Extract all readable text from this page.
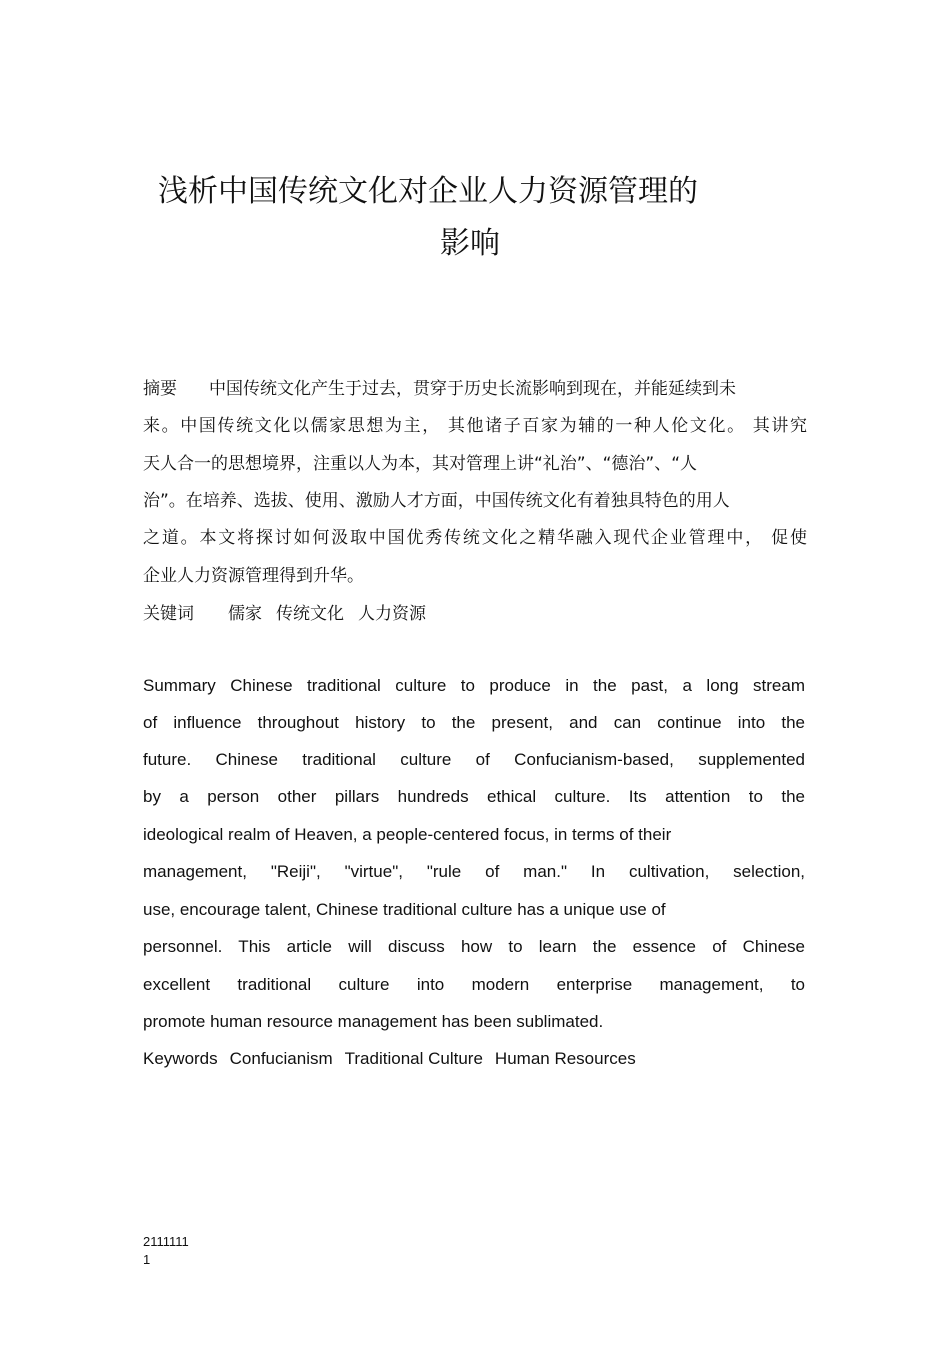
浅析中国传统文化对企业人力资源管理的
影响
摘要 中国传统文化产生于过去，贯穿于历史长流影响到现在，并能延续到未
来。中国传统文化以儒家思想为主， 其他诸子百家为辅的一种人伦文化。 其讲究
天人合一的思想境界，注重以人为本，其对管理上讲“礼治”、“德治”、“人
治”。在培养、选拔、使用、激励人才方面，中国传统文化有着独具特色的用人
之道。本文将探讨如何汲取中国优秀传统文化之精华融入现代企业管理中， 促使
企业人力资源管理得到升华。
关键词 儒家 传统文化 人力资源
Summary Chinese traditional culture to produce in the past, a long stream
of influence throughout history to the present, and can continue into the
future. Chinese traditional culture of Confucianism-based, supplemented
by a person other pillars hundreds ethical culture. Its attention to the
ideological realm of Heaven, a people-centered focus, in terms of their
management, "Reiji", "virtue", "rule of man." In cultivation, selection,
use, encourage talent, Chinese traditional culture has a unique use of
personnel. This article will discuss how to learn the essence of Chinese
excellent traditional culture into modern enterprise management, to
promote human resource management has been sublimated.
Keywords Confucianism Traditional Culture Human Resources
2111111
1
